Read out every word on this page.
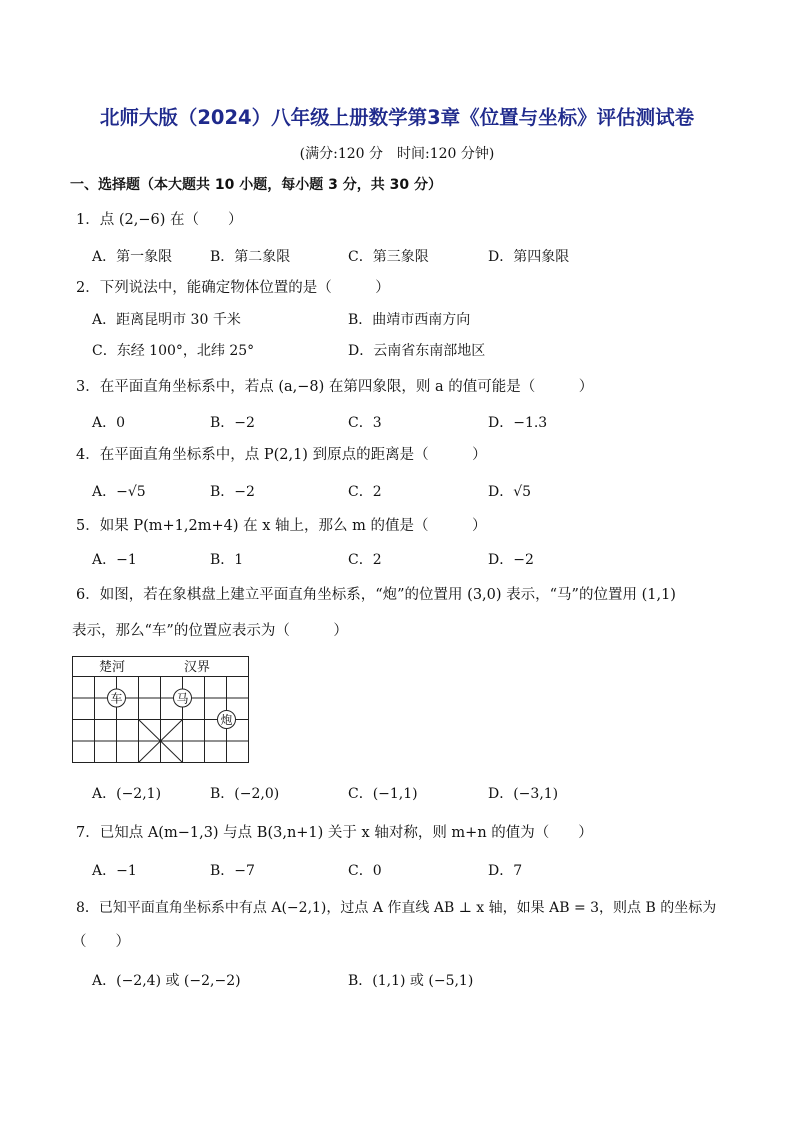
北师大版（2024）八年级上册数学第3章《位置与坐标》评估测试卷
(满分:120 分　时间:120 分钟)
一、选择题（本大题共 10 小题，每小题 3 分，共 30 分）
1．点 (2,−6) 在（　　）
A．第一象限	B．第二象限	C．第三象限	D．第四象限
2．下列说法中，能确定物体位置的是（　　　）
A．距离昆明市 30 千米	B．曲靖市西南方向
C．东经 100°，北纬 25°	D．云南省东南部地区
3．在平面直角坐标系中，若点 (a,−8) 在第四象限，则 a 的值可能是（　　　）
A．0	B．−2	C．3	D．−1.3
4．在平面直角坐标系中，点 P(2,1) 到原点的距离是（　　　）
A．−√5	B．−2	C．2	D．√5
5．如果 P(m+1,2m+4) 在 x 轴上，那么 m 的值是（　　　）
A．−1	B．1	C．2	D．−2
6．如图，若在象棋盘上建立平面直角坐标系，“炮”的位置用 (3,0) 表示，“马”的位置用 (1,1)
表示，那么“车”的位置应表示为（　　　）
楚河	汉界
车	马
炮
A．(−2,1)	B．(−2,0)	C．(−1,1)	D．(−3,1)
7．已知点 A(m−1,3) 与点 B(3,n+1) 关于 x 轴对称，则 m+n 的值为（　　）
A．−1	B．−7	C．0	D．7
8．已知平面直角坐标系中有点 A(−2,1)，过点 A 作直线 AB ⊥ x 轴，如果 AB = 3，则点 B 的坐标为
（　　）
A．(−2,4) 或 (−2,−2)	B．(1,1) 或 (−5,1)
